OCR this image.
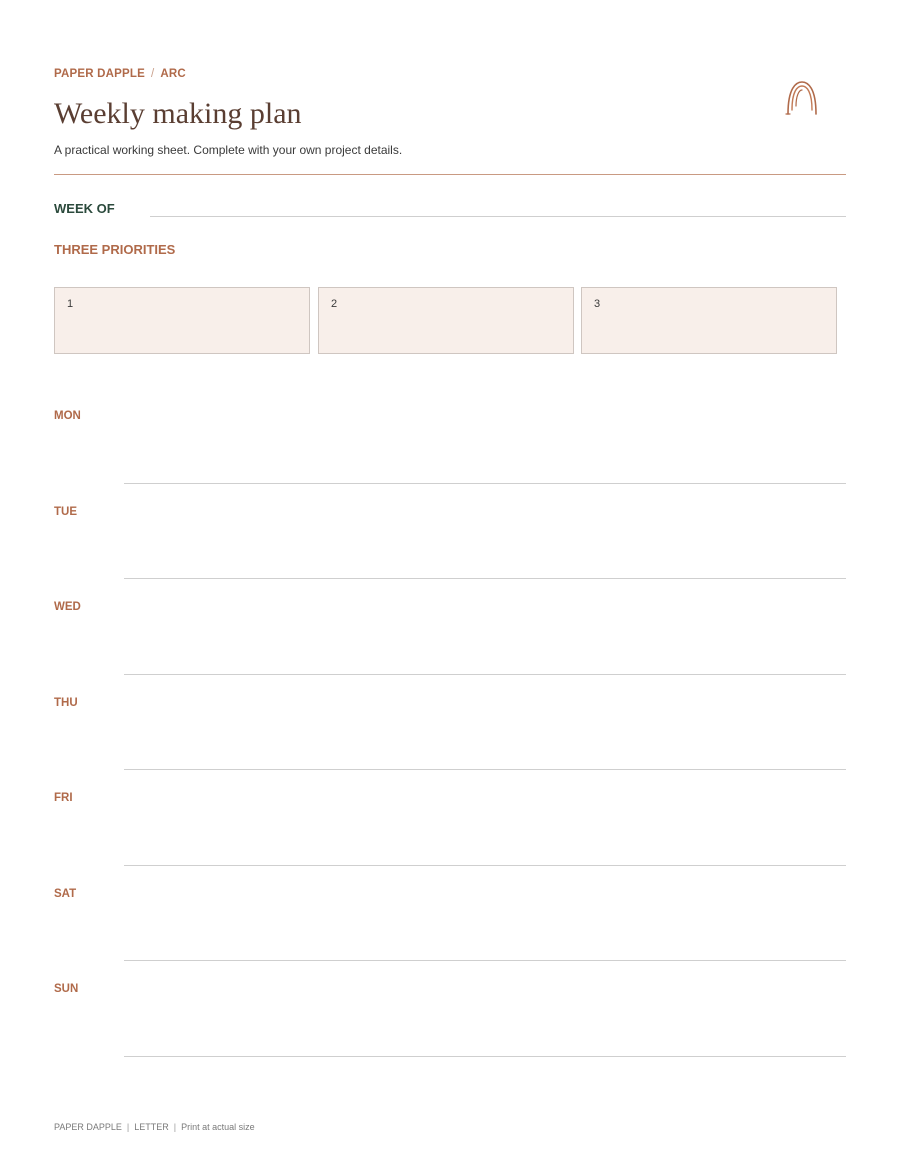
PAPER DAPPLE / ARC
Weekly making plan
A practical working sheet. Complete with your own project details.
WEEK OF
THREE PRIORITIES
1	2	3
MON
TUE
WED
THU
FRI
SAT
SUN
PAPER DAPPLE | LETTER | Print at actual size
